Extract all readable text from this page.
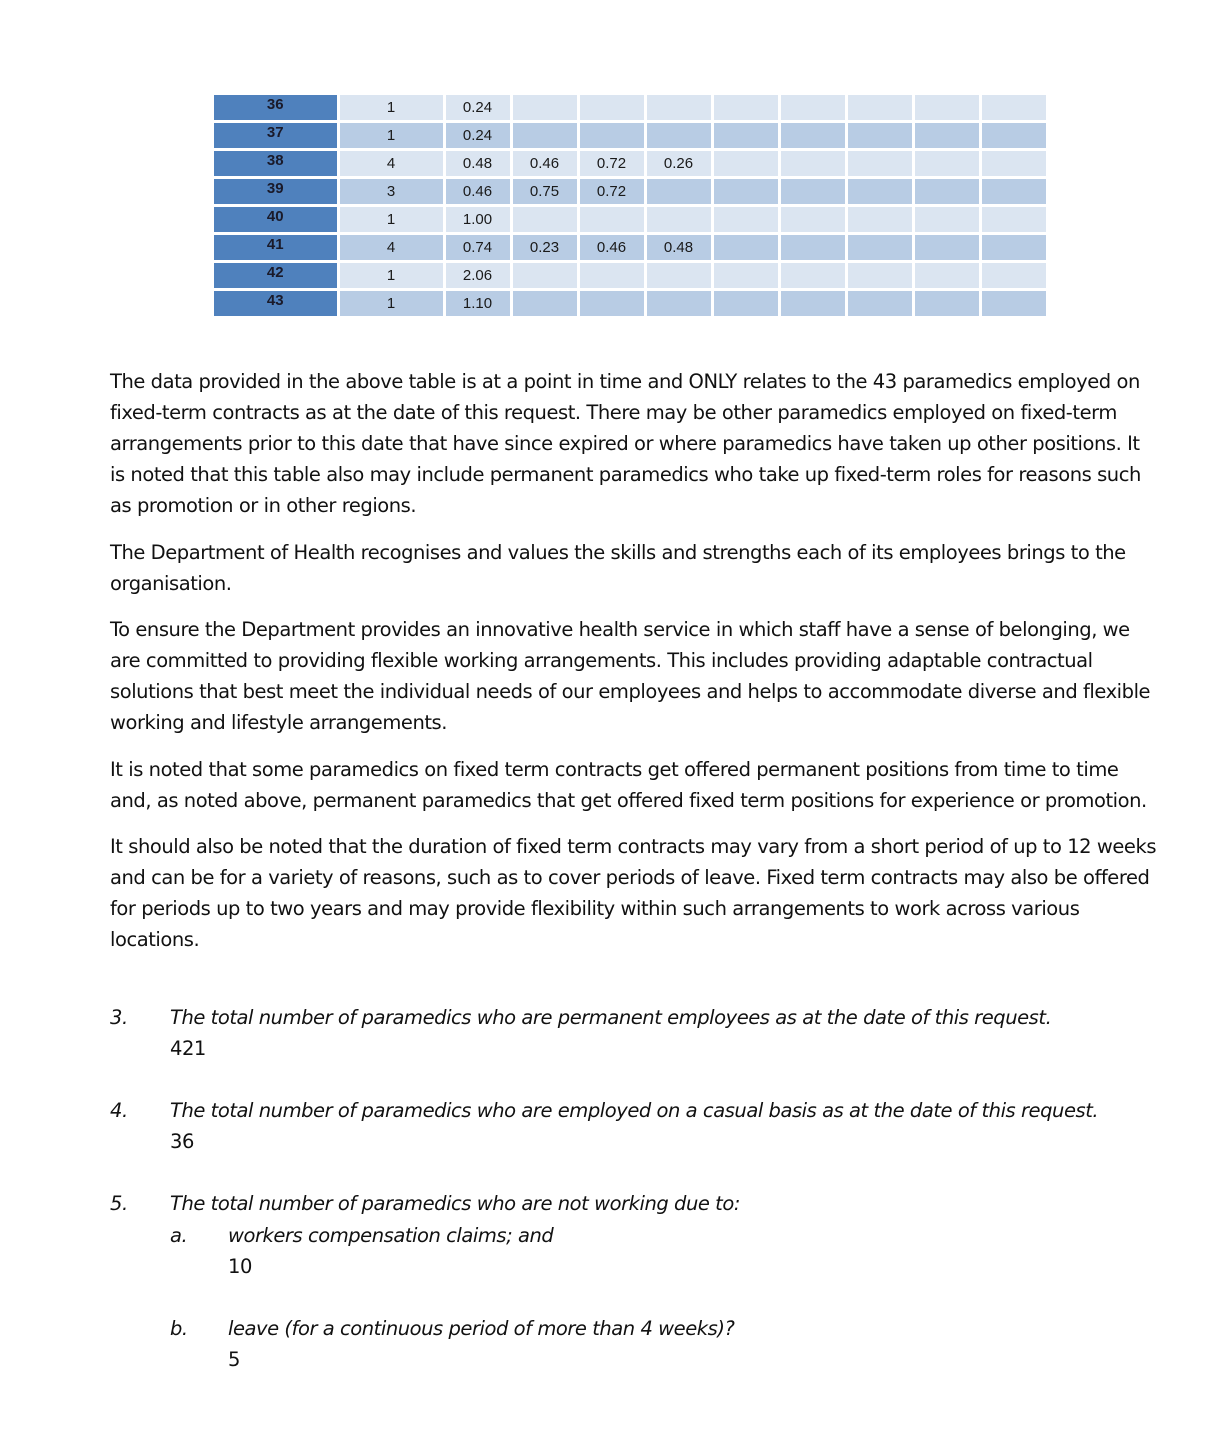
36	1	0.24								
37	1	0.24								
38	4	0.48	0.46	0.72	0.26					
39	3	0.46	0.75	0.72						
40	1	1.00								
41	4	0.74	0.23	0.46	0.48					
42	1	2.06								
43	1	1.10								

The data provided in the above table is at a point in time and ONLY relates to the 43 paramedics employed on fixed-term contracts as at the date of this request. There may be other paramedics employed on fixed-term arrangements prior to this date that have since expired or where paramedics have taken up other positions. It is noted that this table also may include permanent paramedics who take up fixed-term roles for reasons such as promotion or in other regions.

The Department of Health recognises and values the skills and strengths each of its employees brings to the organisation.

To ensure the Department provides an innovative health service in which staff have a sense of belonging, we are committed to providing flexible working arrangements. This includes providing adaptable contractual solutions that best meet the individual needs of our employees and helps to accommodate diverse and flexible working and lifestyle arrangements.

It is noted that some paramedics on fixed term contracts get offered permanent positions from time to time and, as noted above, permanent paramedics that get offered fixed term positions for experience or promotion.

It should also be noted that the duration of fixed term contracts may vary from a short period of up to 12 weeks and can be for a variety of reasons, such as to cover periods of leave. Fixed term contracts may also be offered for periods up to two years and may provide flexibility within such arrangements to work across various locations.

3. The total number of paramedics who are permanent employees as at the date of this request.

421

4. The total number of paramedics who are employed on a casual basis as at the date of this request.

36

5. The total number of paramedics who are not working due to:

a. workers compensation claims; and

10

b. leave (for a continuous period of more than 4 weeks)?

5
